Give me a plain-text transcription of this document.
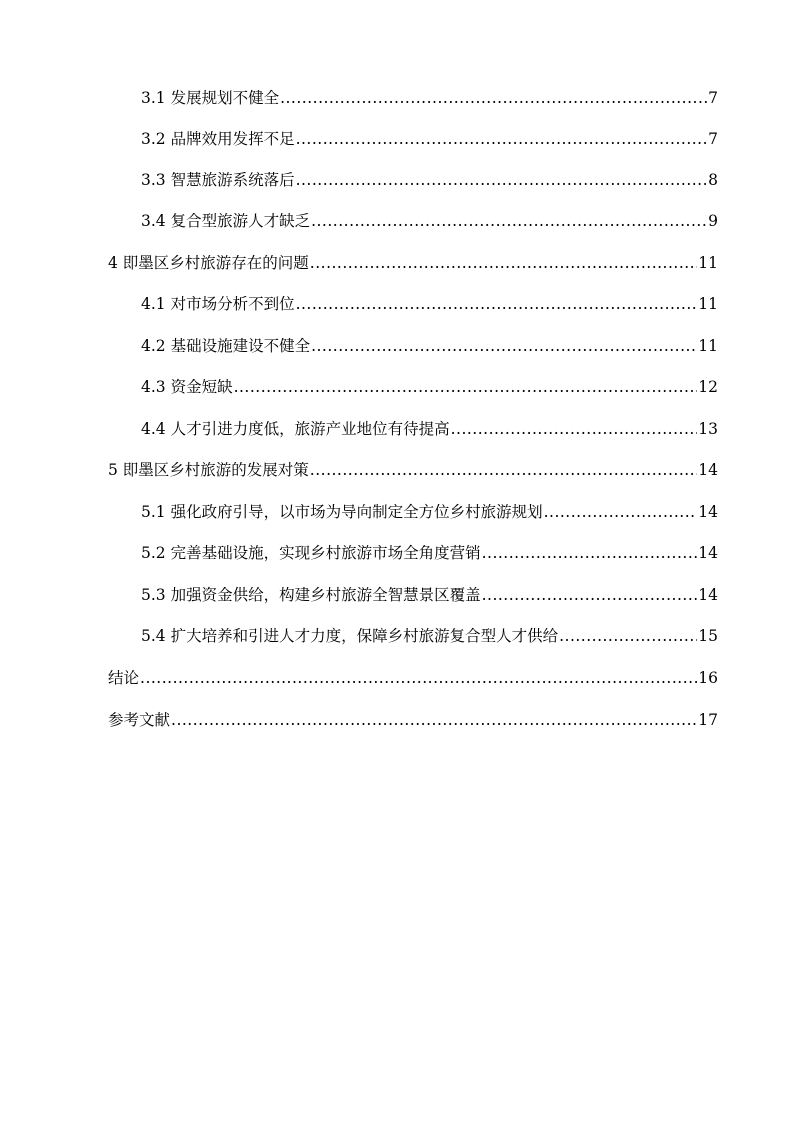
3.1 发展规划不健全 .....	7
3.2 品牌效用发挥不足 .....	7
3.3 智慧旅游系统落后 .....	8
3.4 复合型旅游人才缺乏 .....	9
4 即墨区乡村旅游存在的问题 .....	11
4.1 对市场分析不到位 .....	11
4.2 基础设施建设不健全 .....	11
4.3 资金短缺 .....	12
4.4 人才引进力度低，旅游产业地位有待提高 .....	13
5 即墨区乡村旅游的发展对策 .....	14
5.1 强化政府引导，以市场为导向制定全方位乡村旅游规划 .....	14
5.2 完善基础设施，实现乡村旅游市场全角度营销 .....	14
5.3 加强资金供给，构建乡村旅游全智慧景区覆盖 .....	14
5.4 扩大培养和引进人才力度，保障乡村旅游复合型人才供给 .....	15
结论 .....	16
参考文献 .....	17
